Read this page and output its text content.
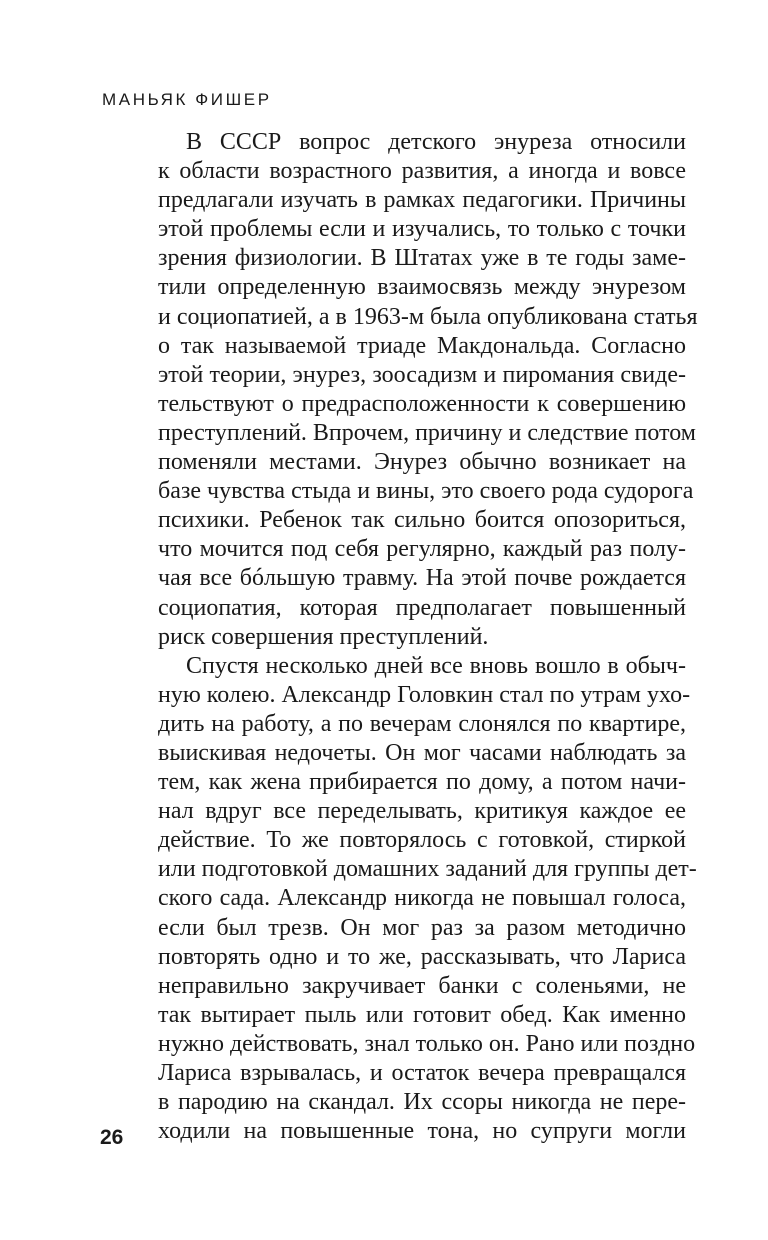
МАНЬЯК ФИШЕР
В СССР вопрос детского энуреза относили
к области возрастного развития, а иногда и вовсе
предлагали изучать в рамках педагогики. Причины
этой проблемы если и изучались, то только с точки
зрения физиологии. В Штатах уже в те годы заме-
тили определенную взаимосвязь между энурезом
и социопатией, а в 1963-м была опубликована статья
о так называемой триаде Макдональда. Согласно
этой теории, энурез, зоосадизм и пиромания свиде-
тельствуют о предрасположенности к совершению
преступлений. Впрочем, причину и следствие потом
поменяли местами. Энурез обычно возникает на
базе чувства стыда и вины, это своего рода судорога
психики. Ребенок так сильно боится опозориться,
что мочится под себя регулярно, каждый раз полу-
чая все бóльшую травму. На этой почве рождается
социопатия, которая предполагает повышенный
риск совершения преступлений.
Спустя несколько дней все вновь вошло в обыч-
ную колею. Александр Головкин стал по утрам ухо-
дить на работу, а по вечерам слонялся по квартире,
выискивая недочеты. Он мог часами наблюдать за
тем, как жена прибирается по дому, а потом начи-
нал вдруг все переделывать, критикуя каждое ее
действие. То же повторялось с готовкой, стиркой
или подготовкой домашних заданий для группы дет-
ского сада. Александр никогда не повышал голоса,
если был трезв. Он мог раз за разом методично
повторять одно и то же, рассказывать, что Лариса
неправильно закручивает банки с соленьями, не
так вытирает пыль или готовит обед. Как именно
нужно действовать, знал только он. Рано или поздно
Лариса взрывалась, и остаток вечера превращался
в пародию на скандал. Их ссоры никогда не пере-
ходили на повышенные тона, но супруги могли
26
